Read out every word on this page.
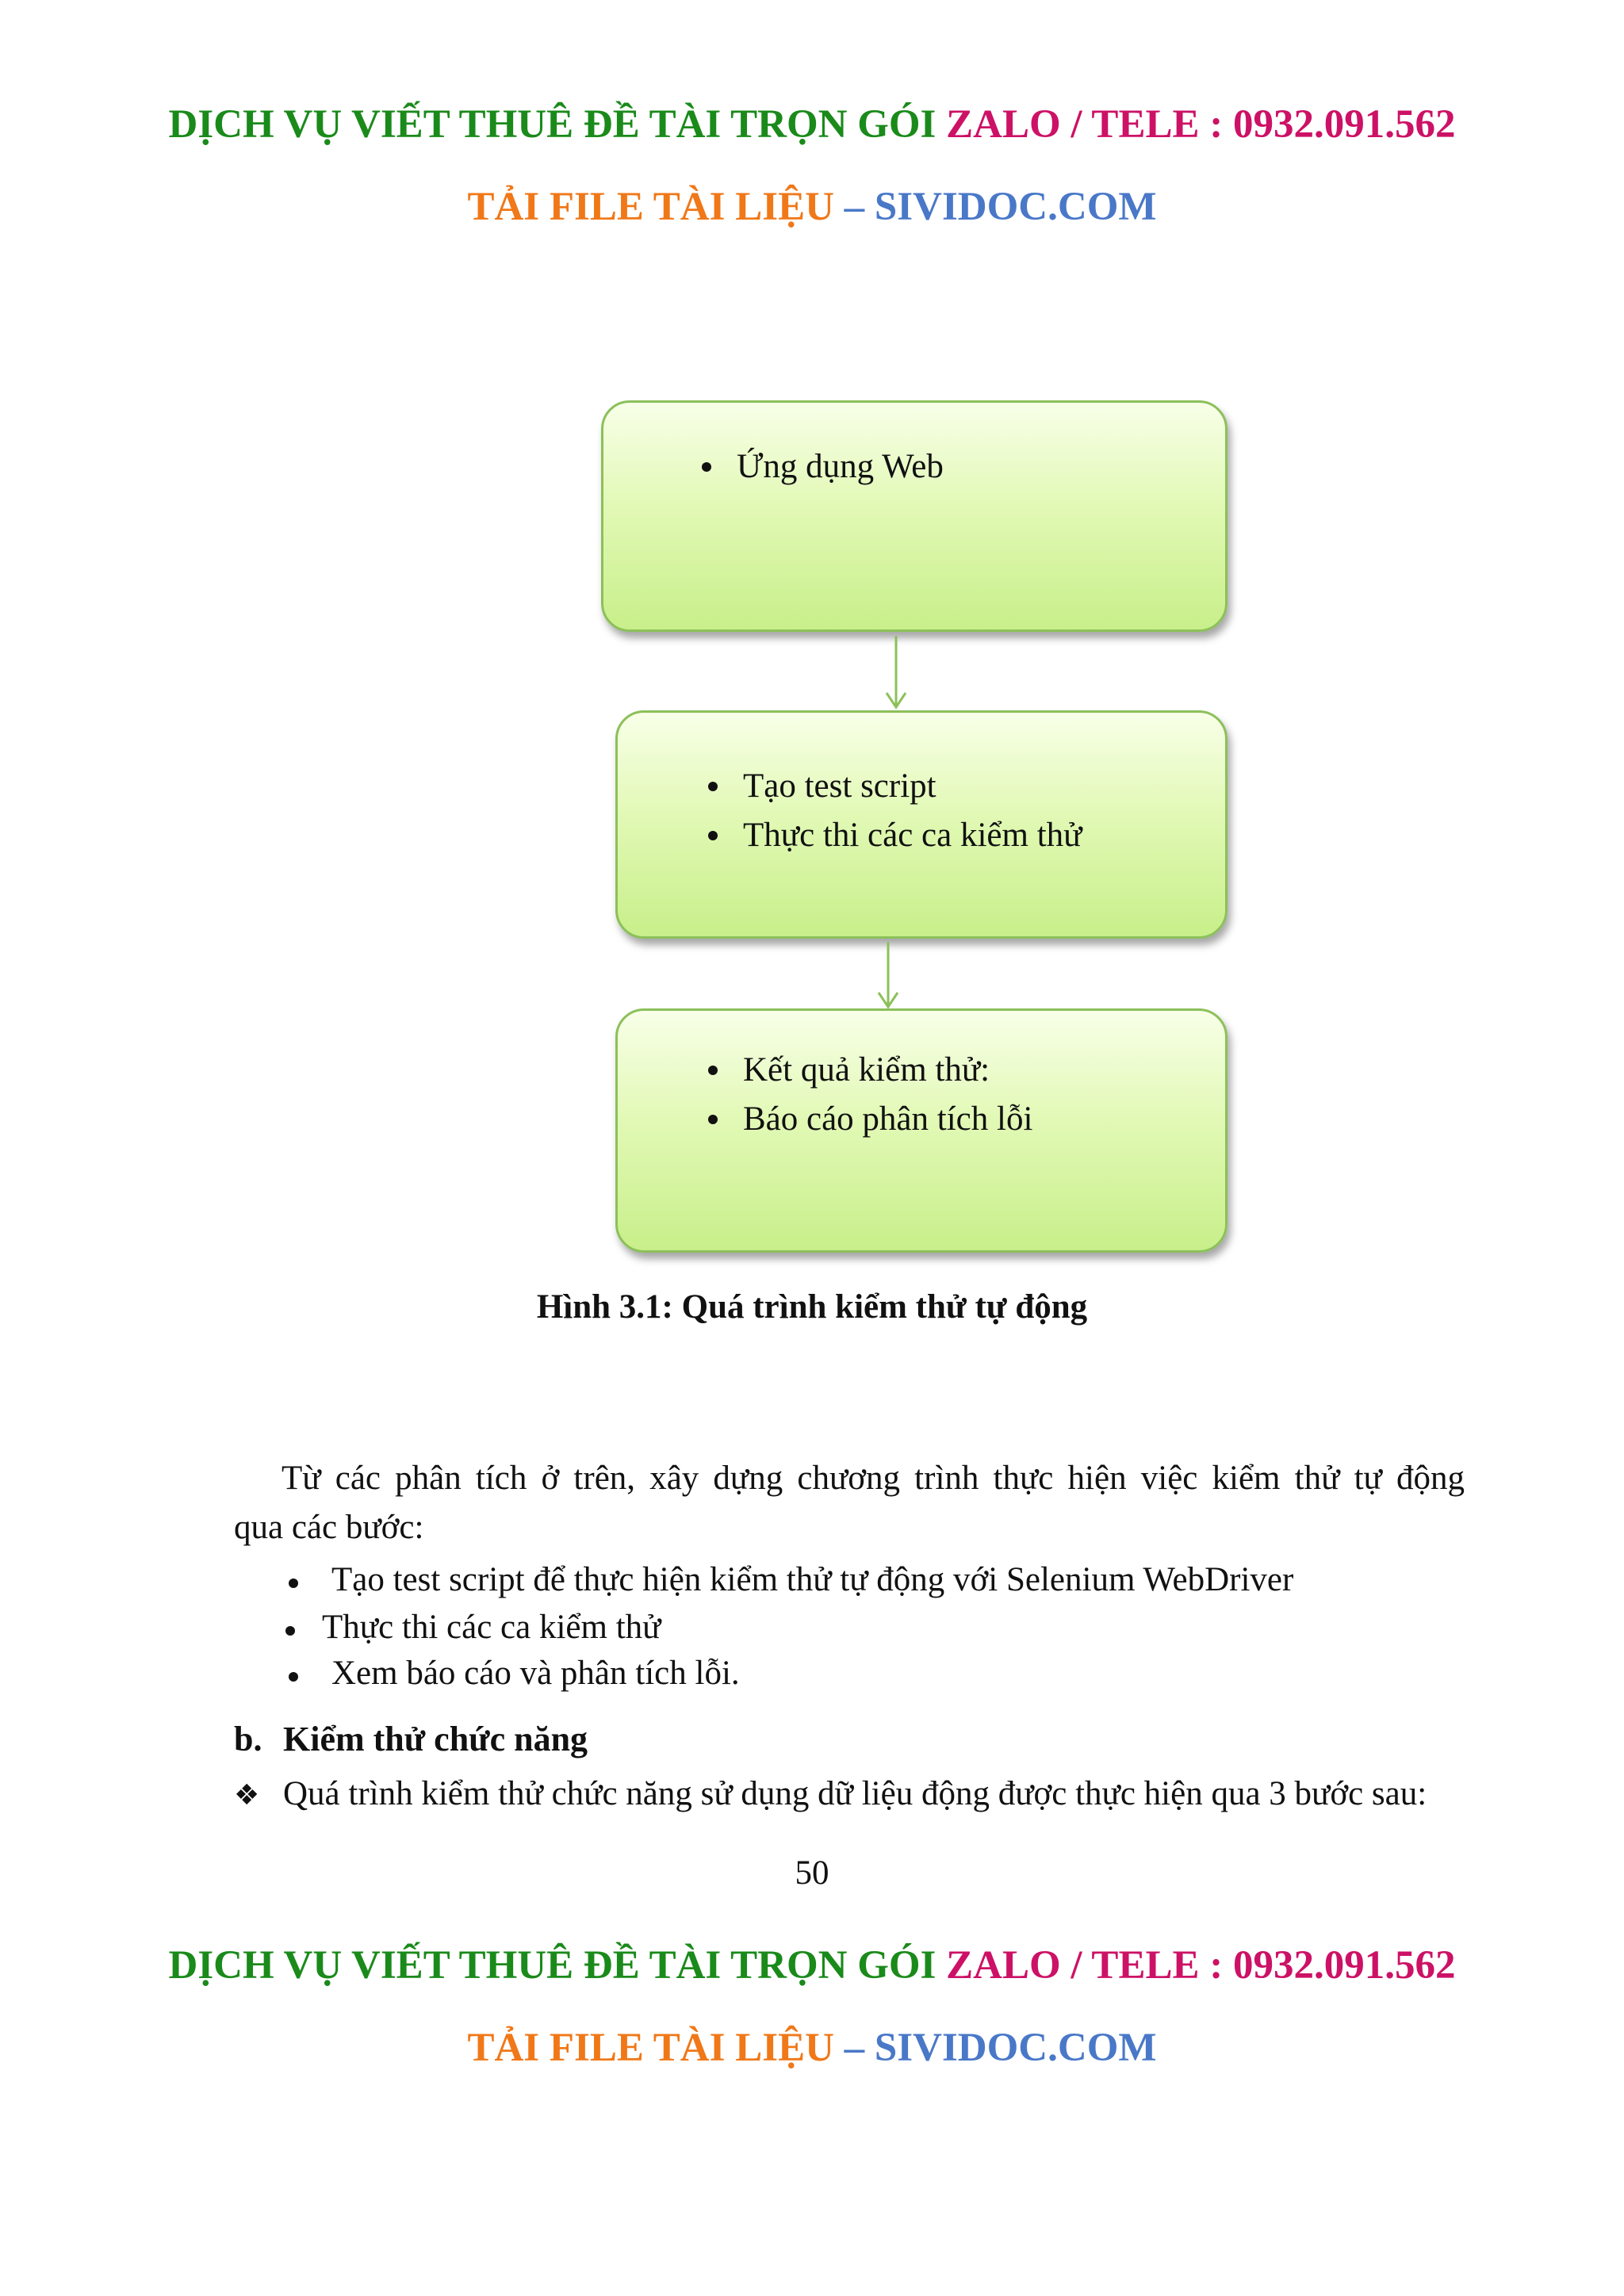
DỊCH VỤ VIẾT THUÊ ĐỀ TÀI TRỌN GÓI ZALO / TELE : 0932.091.562
TẢI FILE TÀI LIỆU – SIVIDOC.COM
Ứng dụng Web
Tạo test script
Thực thi các ca kiểm thử
Kết quả kiểm thử:
Báo cáo phân tích lỗi
Hình 3.1: Quá trình kiểm thử tự động
Từ các phân tích ở trên, xây dựng chương trình thực hiện việc kiểm thử tự động
qua các bước:
Tạo test script để thực hiện kiểm thử tự động với Selenium WebDriver
Thực thi các ca kiểm thử
Xem báo cáo và phân tích lỗi.
b. Kiểm thử chức năng
❖ Quá trình kiểm thử chức năng sử dụng dữ liệu động được thực hiện qua 3 bước sau:
50
DỊCH VỤ VIẾT THUÊ ĐỀ TÀI TRỌN GÓI ZALO / TELE : 0932.091.562
TẢI FILE TÀI LIỆU – SIVIDOC.COM
